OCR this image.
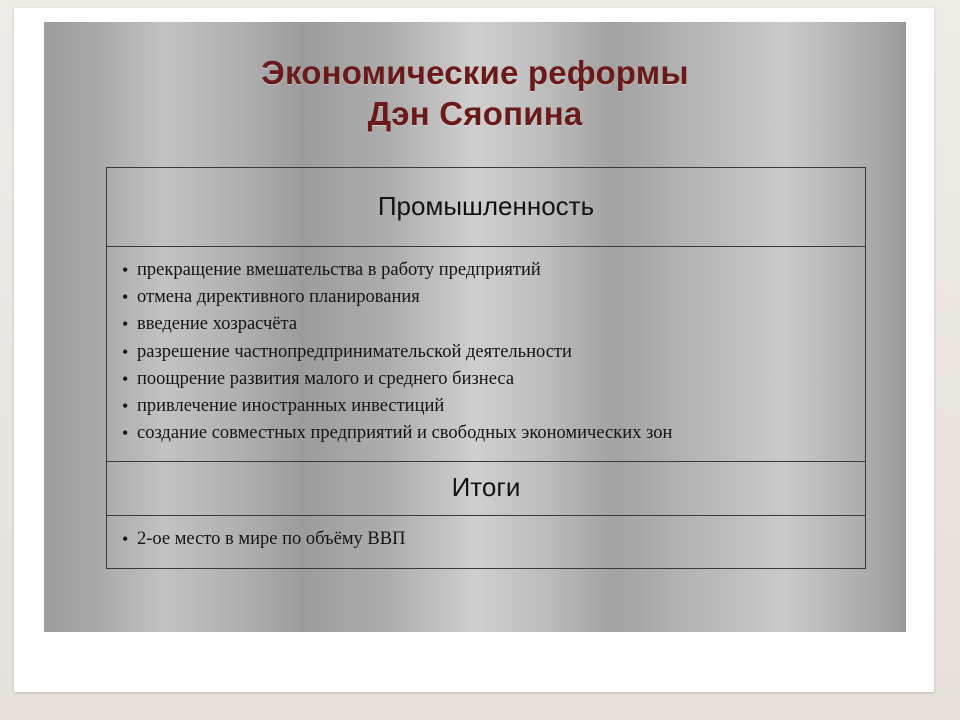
Экономические реформы
Дэн Сяопина
Промышленность

• прекращение вмешательства в работу предприятий
• отмена директивного планирования
• введение хозрасчёта
• разрешение частнопредпринимательской деятельности
• поощрение развития малого и среднего бизнеса
• привлечение иностранных инвестиций
• создание совместных предприятий и свободных экономических зон

Итоги

• 2-ое место в мире по объёму ВВП
